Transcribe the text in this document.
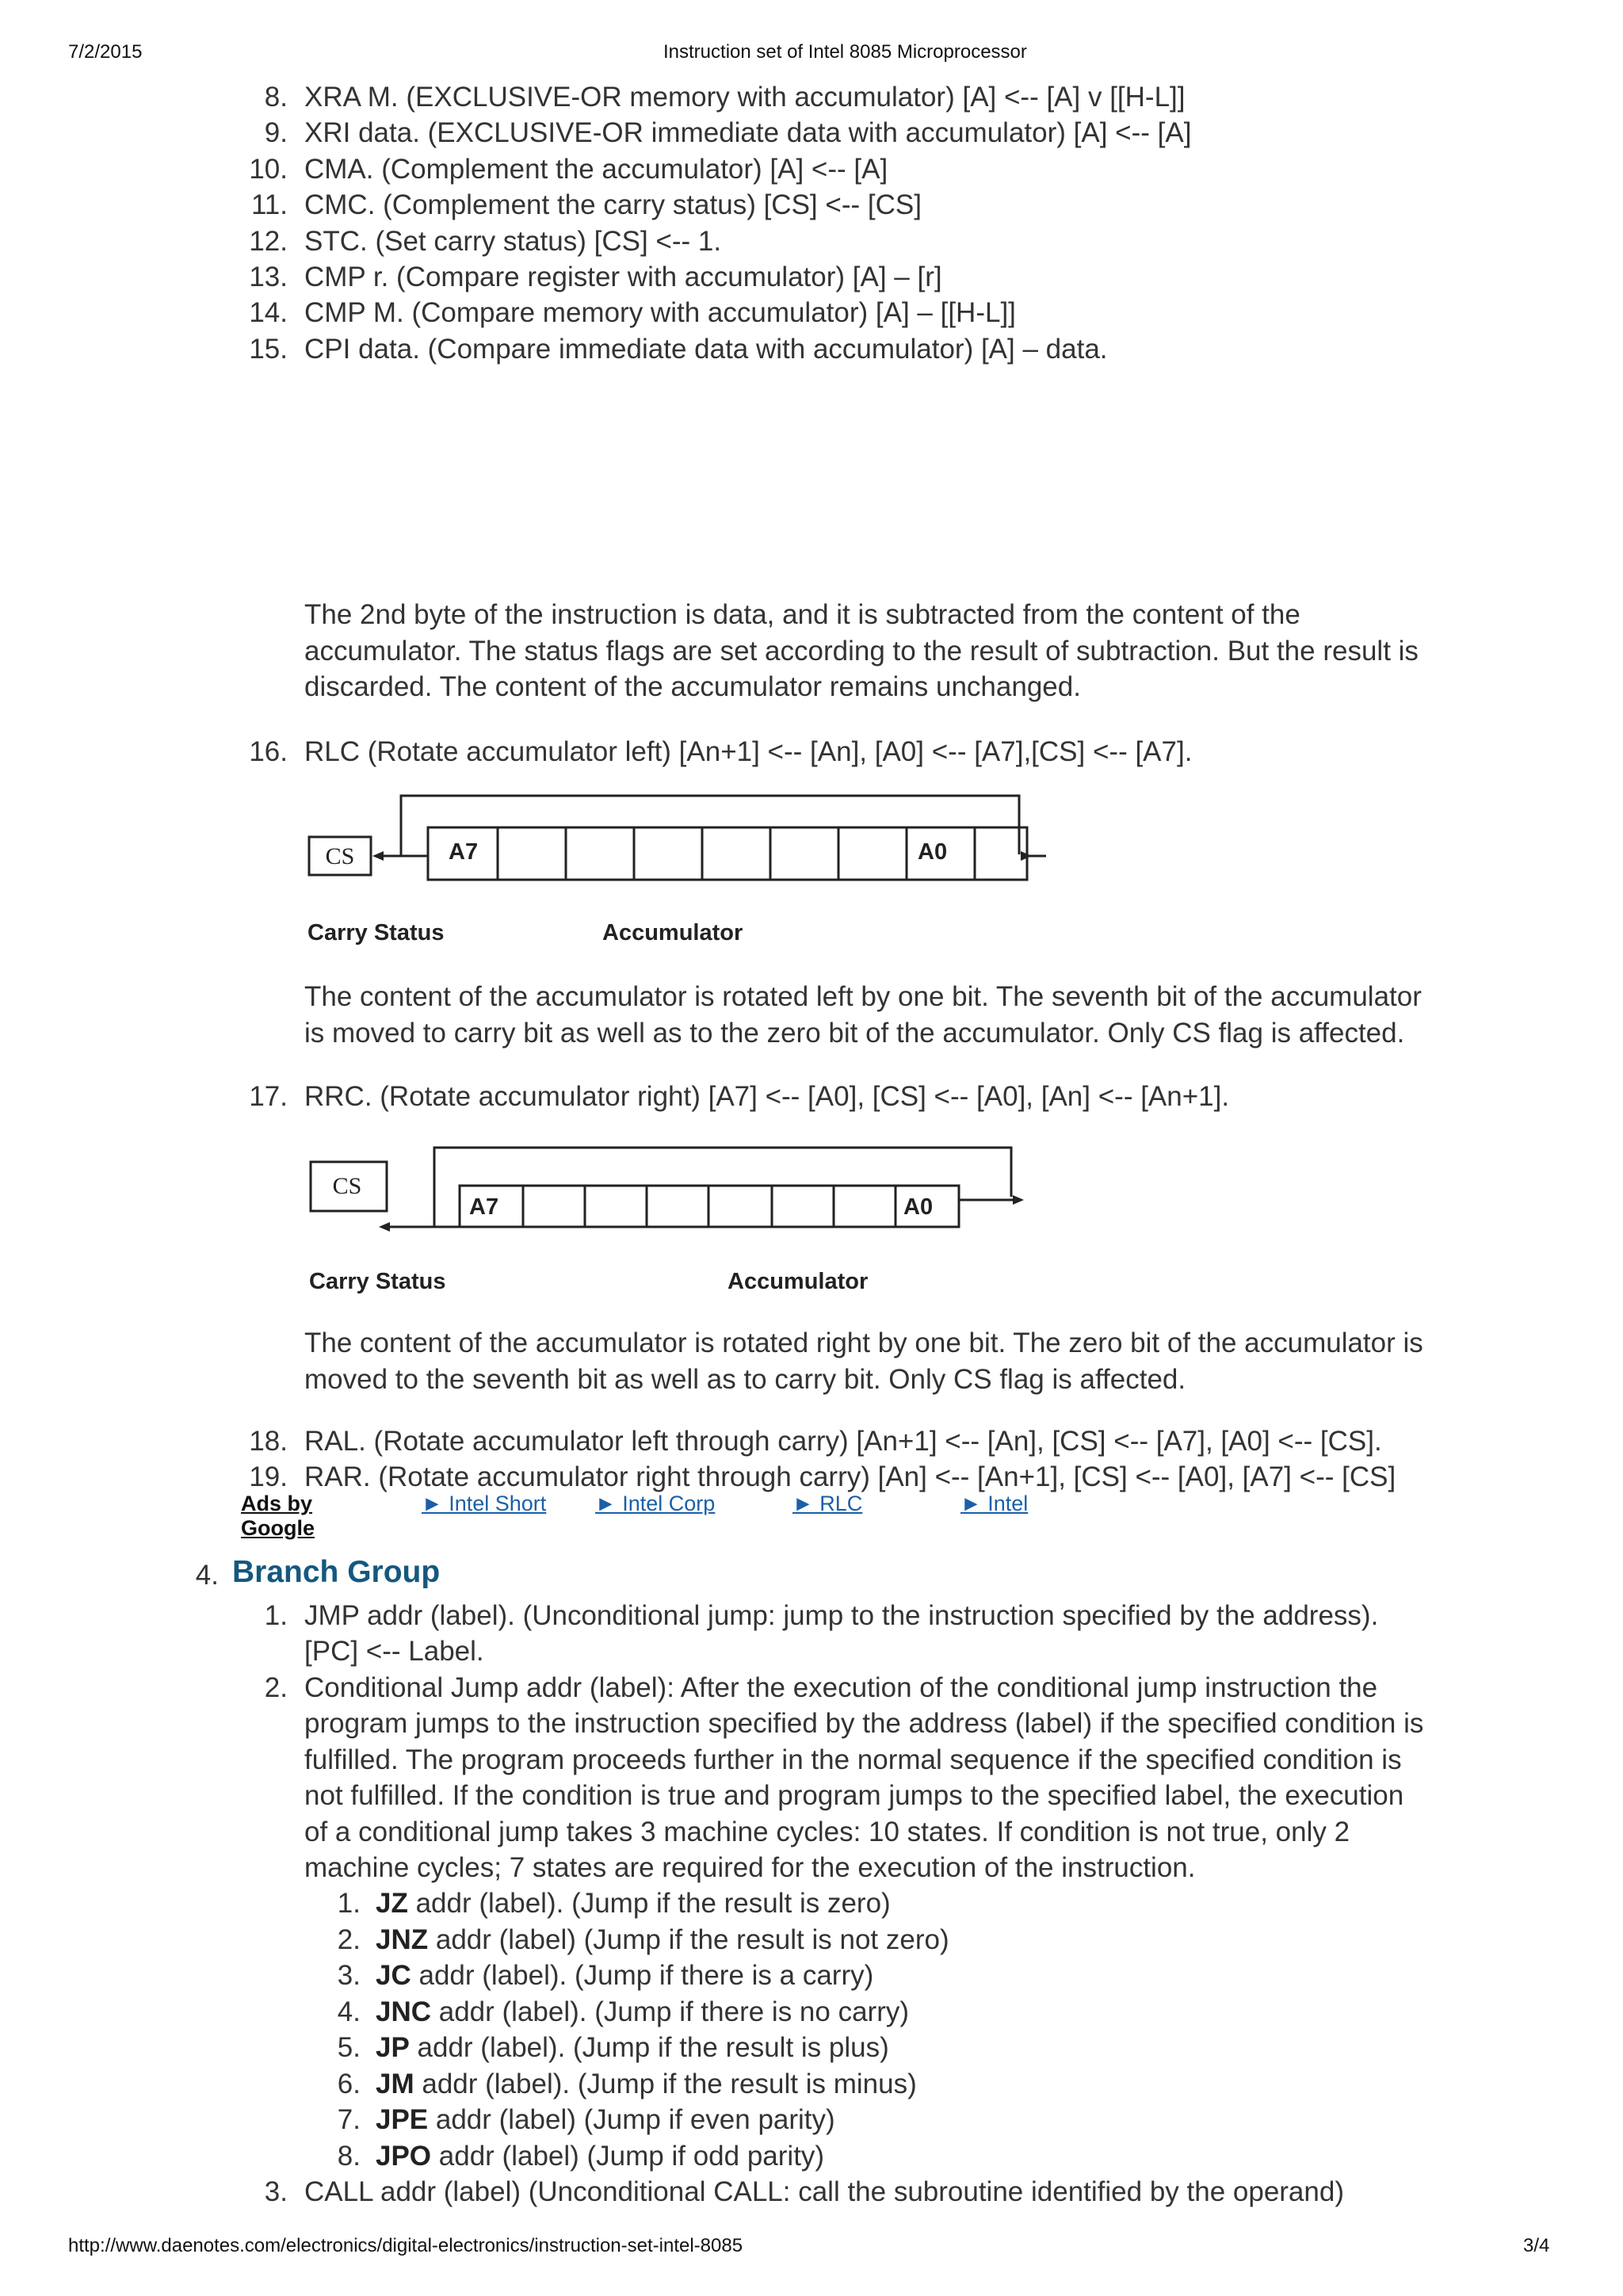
7/2/2015	Instruction set of Intel 8085 Microprocessor
8. XRA M. (EXCLUSIVE-OR memory with accumulator) [A] <-- [A] v [[H-L]]
9. XRI data. (EXCLUSIVE-OR immediate data with accumulator) [A] <-- [A]
10. CMA. (Complement the accumulator) [A] <-- [A]
11. CMC. (Complement the carry status) [CS] <-- [CS]
12. STC. (Set carry status) [CS] <-- 1.
13. CMP r. (Compare register with accumulator) [A] – [r]
14. CMP M. (Compare memory with accumulator) [A] – [[H-L]]
15. CPI data. (Compare immediate data with accumulator) [A] – data.
The 2nd byte of the instruction is data, and it is subtracted from the content of the
accumulator. The status flags are set according to the result of subtraction. But the result is
discarded. The content of the accumulator remains unchanged.
16. RLC (Rotate accumulator left) [An+1] <-- [An], [A0] <-- [A7],[CS] <-- [A7].
CS	A7	A0
Carry Status	Accumulator
The content of the accumulator is rotated left by one bit. The seventh bit of the accumulator
is moved to carry bit as well as to the zero bit of the accumulator. Only CS flag is affected.
17. RRC. (Rotate accumulator right) [A7] <-- [A0], [CS] <-- [A0], [An] <-- [An+1].
CS
A7	A0
Carry Status	Accumulator
The content of the accumulator is rotated right by one bit. The zero bit of the accumulator is
moved to the seventh bit as well as to carry bit. Only CS flag is affected.
18. RAL. (Rotate accumulator left through carry) [An+1] <-- [An], [CS] <-- [A7], [A0] <-- [CS].
19. RAR. (Rotate accumulator right through carry) [An] <-- [An+1], [CS] <-- [A0], [A7] <-- [CS]
Ads by Google
► Intel Short ► Intel Corp	► RLC	► Intel
4. Branch Group
1. JMP addr (label). (Unconditional jump: jump to the instruction specified by the address).
[PC] <-- Label.
2. Conditional Jump addr (label): After the execution of the conditional jump instruction the
program jumps to the instruction specified by the address (label) if the specified condition is
fulfilled. The program proceeds further in the normal sequence if the specified condition is
not fulfilled. If the condition is true and program jumps to the specified label, the execution
of a conditional jump takes 3 machine cycles: 10 states. If condition is not true, only 2
machine cycles; 7 states are required for the execution of the instruction.
1. JZ addr (label). (Jump if the result is zero)
2. JNZ addr (label) (Jump if the result is not zero)
3. JC addr (label). (Jump if there is a carry)
4. JNC addr (label). (Jump if there is no carry)
5. JP addr (label). (Jump if the result is plus)
6. JM addr (label). (Jump if the result is minus)
7. JPE addr (label) (Jump if even parity)
8. JPO addr (label) (Jump if odd parity)
3. CALL addr (label) (Unconditional CALL: call the subroutine identified by the operand)
http://www.daenotes.com/electronics/digital-electronics/instruction-set-intel-8085	3/4
